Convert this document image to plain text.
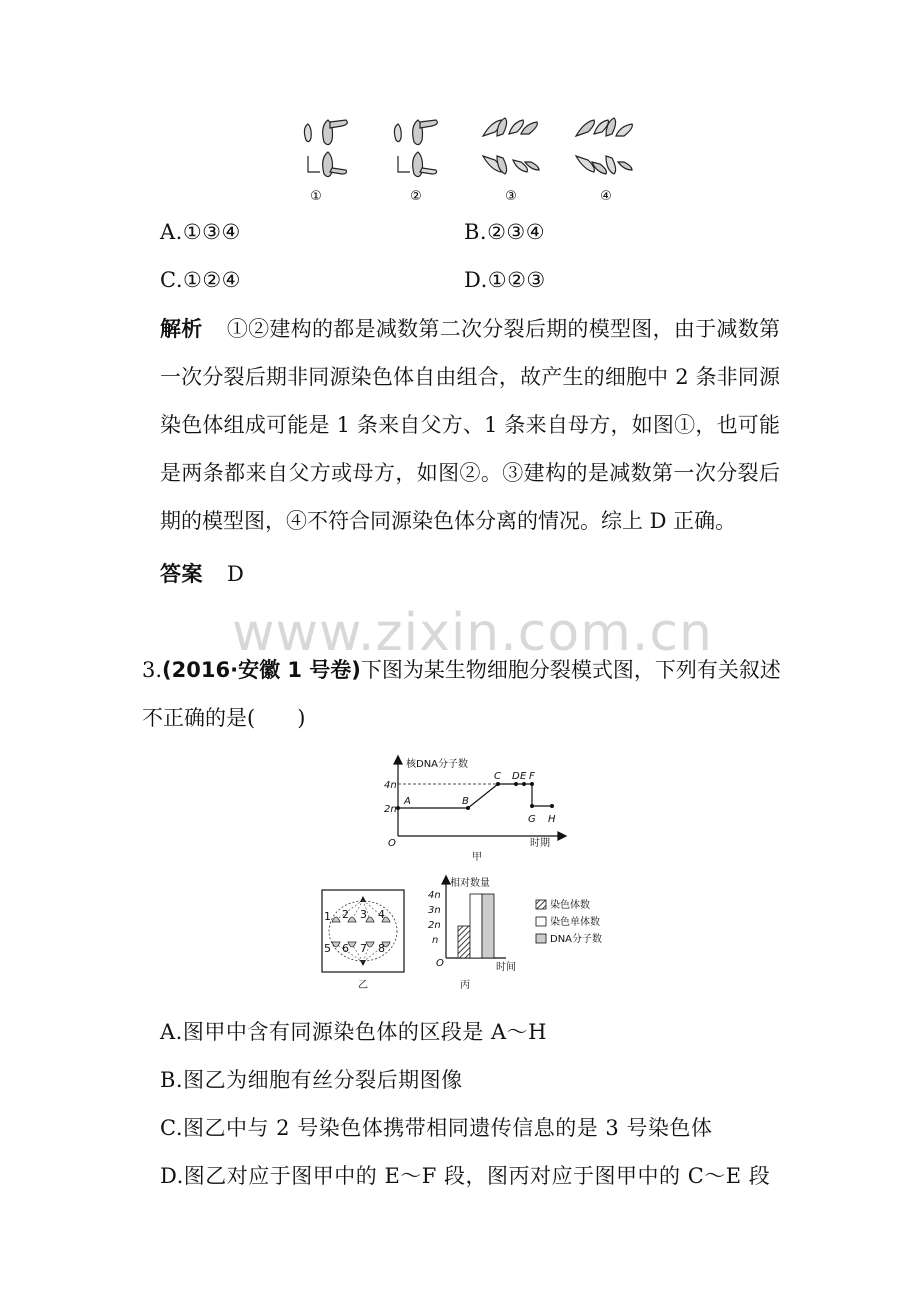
①	②	③	④
A.①③④	B.②③④
C.①②④	D.①②③
解析 ①②建构的都是减数第二次分裂后期的模型图，由于减数第一次分裂后期非同源染色体自由组合，故产生的细胞中 2 条非同源染色体组成可能是 1 条来自父方、1 条来自母方，如图①，也可能是两条都来自父方或母方，如图②。③建构的是减数第一次分裂后期的模型图，④不符合同源染色体分离的情况。综上 D 正确。
答案 D
www.zixin.com.cn
3.(2016·安徽 1 号卷)下图为某生物细胞分裂模式图，下列有关叙述不正确的是(　　)
核DNA分子数
4n
2n
O
A	B
C D E F
G H
时期
甲
1 2 3 4
5 6 7 8
乙
相对数量
4n
3n
2n
n
O	时间
丙
染色体数
染色单体数
DNA分子数
A.图甲中含有同源染色体的区段是 A～H
B.图乙为细胞有丝分裂后期图像
C.图乙中与 2 号染色体携带相同遗传信息的是 3 号染色体
D.图乙对应于图甲中的 E～F 段，图丙对应于图甲中的 C～E 段
